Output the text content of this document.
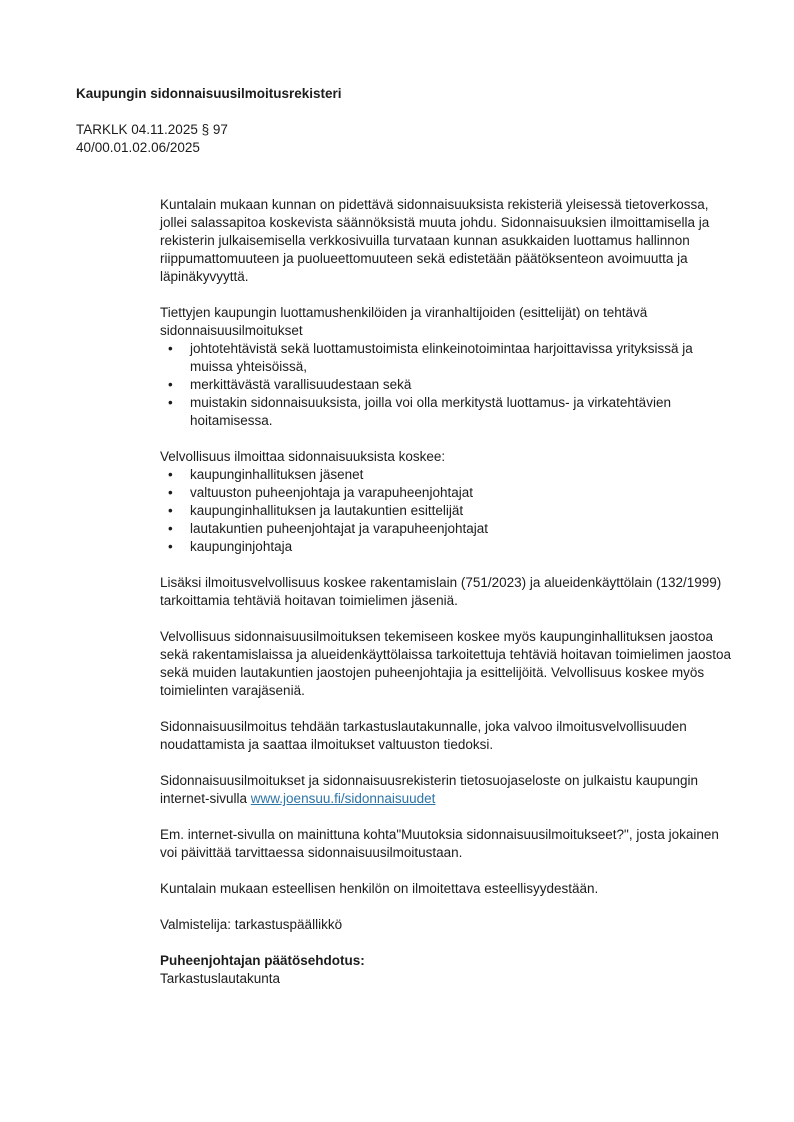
Kaupungin sidonnaisuusilmoitusrekisteri

TARKLK 04.11.2025 § 97

40/00.01.02.06/2025

Kuntalain mukaan kunnan on pidettävä sidonnaisuuksista rekisteriä yleisessä tietoverkossa, jollei salassapitoa koskevista säännöksistä muuta johdu. Sidonnaisuuksien ilmoittamisella ja rekisterin julkaisemisella verkkosivuilla turvataan kunnan asukkaiden luottamus hallinnon riippumattomuuteen ja puolueettomuuteen sekä edistetään päätöksenteon avoimuutta ja läpinäkyvyyttä.

Tiettyjen kaupungin luottamushenkilöiden ja viranhaltijoiden (esittelijät) on tehtävä sidonnaisuusilmoitukset

• johtotehtävistä sekä luottamustoimista elinkeinotoimintaa harjoittavissa yrityksissä ja muissa yhteisöissä,
• merkittävästä varallisuudestaan sekä
• muistakin sidonnaisuuksista, joilla voi olla merkitystä luottamus- ja virkatehtävien hoitamisessa.

Velvollisuus ilmoittaa sidonnaisuuksista koskee:

• kaupunginhallituksen jäsenet
• valtuuston puheenjohtaja ja varapuheenjohtajat
• kaupunginhallituksen ja lautakuntien esittelijät
• lautakuntien puheenjohtajat ja varapuheenjohtajat
• kaupunginjohtaja

Lisäksi ilmoitusvelvollisuus koskee rakentamislain (751/2023) ja alueidenkäyttölain (132/1999) tarkoittamia tehtäviä hoitavan toimielimen jäseniä.

Velvollisuus sidonnaisuusilmoituksen tekemiseen koskee myös kaupunginhallituksen jaostoa sekä rakentamislaissa ja alueidenkäyttölaissa tarkoitettuja tehtäviä hoitavan toimielimen jaostoa sekä muiden lautakuntien jaostojen puheenjohtajia ja esittelijöitä. Velvollisuus koskee myös toimielinten varajäseniä.

Sidonnaisuusilmoitus tehdään tarkastuslautakunnalle, joka valvoo ilmoitusvelvollisuuden noudattamista ja saattaa ilmoitukset valtuuston tiedoksi.

Sidonnaisuusilmoitukset ja sidonnaisuusrekisterin tietosuojaseloste on julkaistu kaupungin internet-sivulla www.joensuu.fi/sidonnaisuudet

Em. internet-sivulla on mainittuna kohta"Muutoksia sidonnaisuusilmoitukseet?", josta jokainen voi päivittää tarvittaessa sidonnaisuusilmoitustaan.

Kuntalain mukaan esteellisen henkilön on ilmoitettava esteellisyydestään.

Valmistelija: tarkastuspäällikkö

Puheenjohtajan päätösehdotus:

Tarkastuslautakunta
